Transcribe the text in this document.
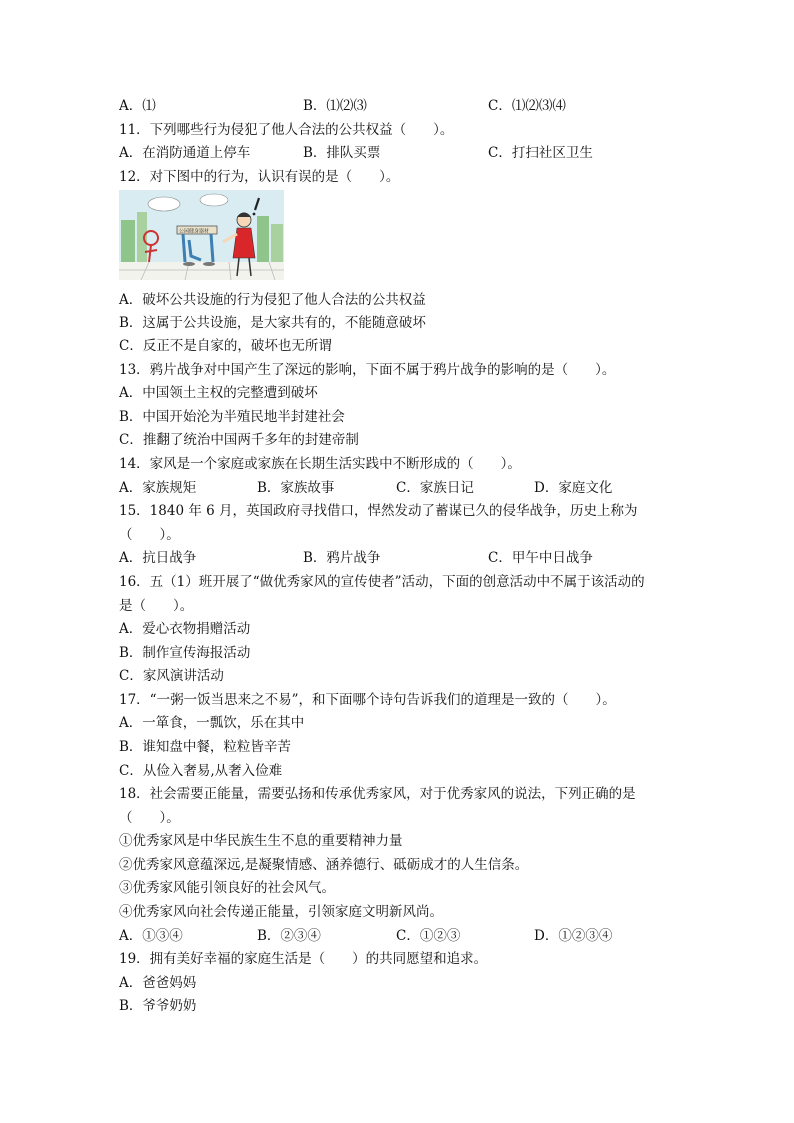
A．⑴	B．⑴⑵⑶	C．⑴⑵⑶⑷
11．下列哪些行为侵犯了他人合法的公共权益（　　）。
A．在消防通道上停车	B．排队买票	C．打扫社区卫生
12．对下图中的行为，认识有误的是（　　）。
公园健身器材
A．破坏公共设施的行为侵犯了他人合法的公共权益
B．这属于公共设施，是大家共有的，不能随意破坏
C．反正不是自家的，破坏也无所谓
13．鸦片战争对中国产生了深远的影响，下面不属于鸦片战争的影响的是（　　）。
A．中国领土主权的完整遭到破坏
B．中国开始沦为半殖民地半封建社会
C．推翻了统治中国两千多年的封建帝制
14．家风是一个家庭或家族在长期生活实践中不断形成的（　　）。
A．家族规矩	B．家族故事	C．家族日记	D．家庭文化
15．1840 年 6 月，英国政府寻找借口，悍然发动了蓄谋已久的侵华战争，历史上称为
（　　）。
A．抗日战争	B．鸦片战争	C．甲午中日战争
16．五（1）班开展了“做优秀家风的宣传使者”活动，下面的创意活动中不属于该活动的
是（　　）。
A．爱心衣物捐赠活动
B．制作宣传海报活动
C．家风演讲活动
17．“一粥一饭当思来之不易”，和下面哪个诗句告诉我们的道理是一致的（　　）。
A．一箪食，一瓢饮，乐在其中
B．谁知盘中餐，粒粒皆辛苦
C．从俭入奢易,从奢入俭难
18．社会需要正能量，需要弘扬和传承优秀家风，对于优秀家风的说法，下列正确的是
（　　）。
①优秀家风是中华民族生生不息的重要精神力量
②优秀家风意蕴深远,是凝聚情感、涵养德行、砥砺成才的人生信条。
③优秀家风能引领良好的社会风气。
④优秀家风向社会传递正能量，引领家庭文明新风尚。
A．①③④	B．②③④	C．①②③	D．①②③④
19．拥有美好幸福的家庭生活是（　　）的共同愿望和追求。
A．爸爸妈妈
B．爷爷奶奶
